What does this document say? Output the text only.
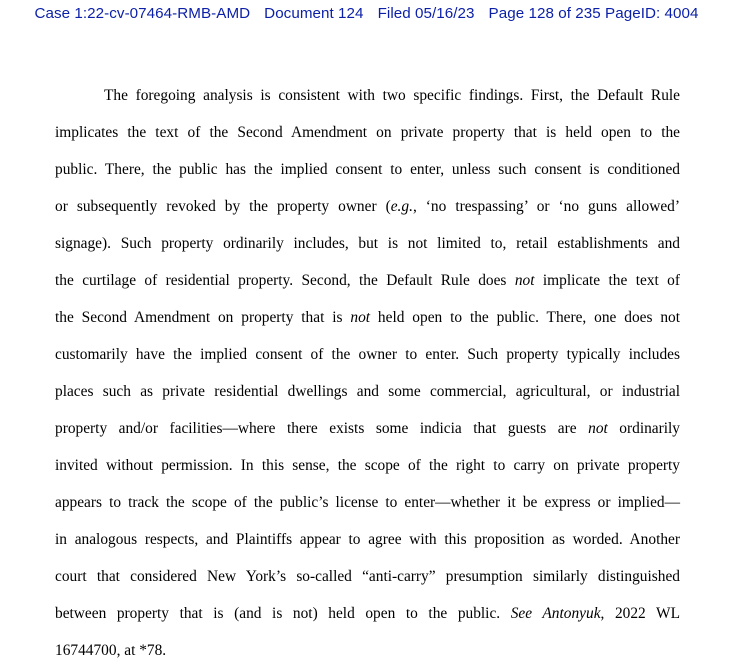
Case 1:22-cv-07464-RMB-AMD Document 124 Filed 05/16/23 Page 128 of 235 PageID: 4004
The foregoing analysis is consistent with two specific findings. First, the Default Rule
implicates the text of the Second Amendment on private property that is held open to the
public. There, the public has the implied consent to enter, unless such consent is conditioned
or subsequently revoked by the property owner (e.g., ‘no trespassing’ or ‘no guns allowed’
signage). Such property ordinarily includes, but is not limited to, retail establishments and
the curtilage of residential property. Second, the Default Rule does not implicate the text of
the Second Amendment on property that is not held open to the public. There, one does not
customarily have the implied consent of the owner to enter. Such property typically includes
places such as private residential dwellings and some commercial, agricultural, or industrial
property and/or facilities—where there exists some indicia that guests are not ordinarily
invited without permission. In this sense, the scope of the right to carry on private property
appears to track the scope of the public’s license to enter—whether it be express or implied—
in analogous respects, and Plaintiffs appear to agree with this proposition as worded. Another
court that considered New York’s so-called “anti-carry” presumption similarly distinguished
between property that is (and is not) held open to the public. See Antonyuk, 2022 WL
16744700, at *78.
